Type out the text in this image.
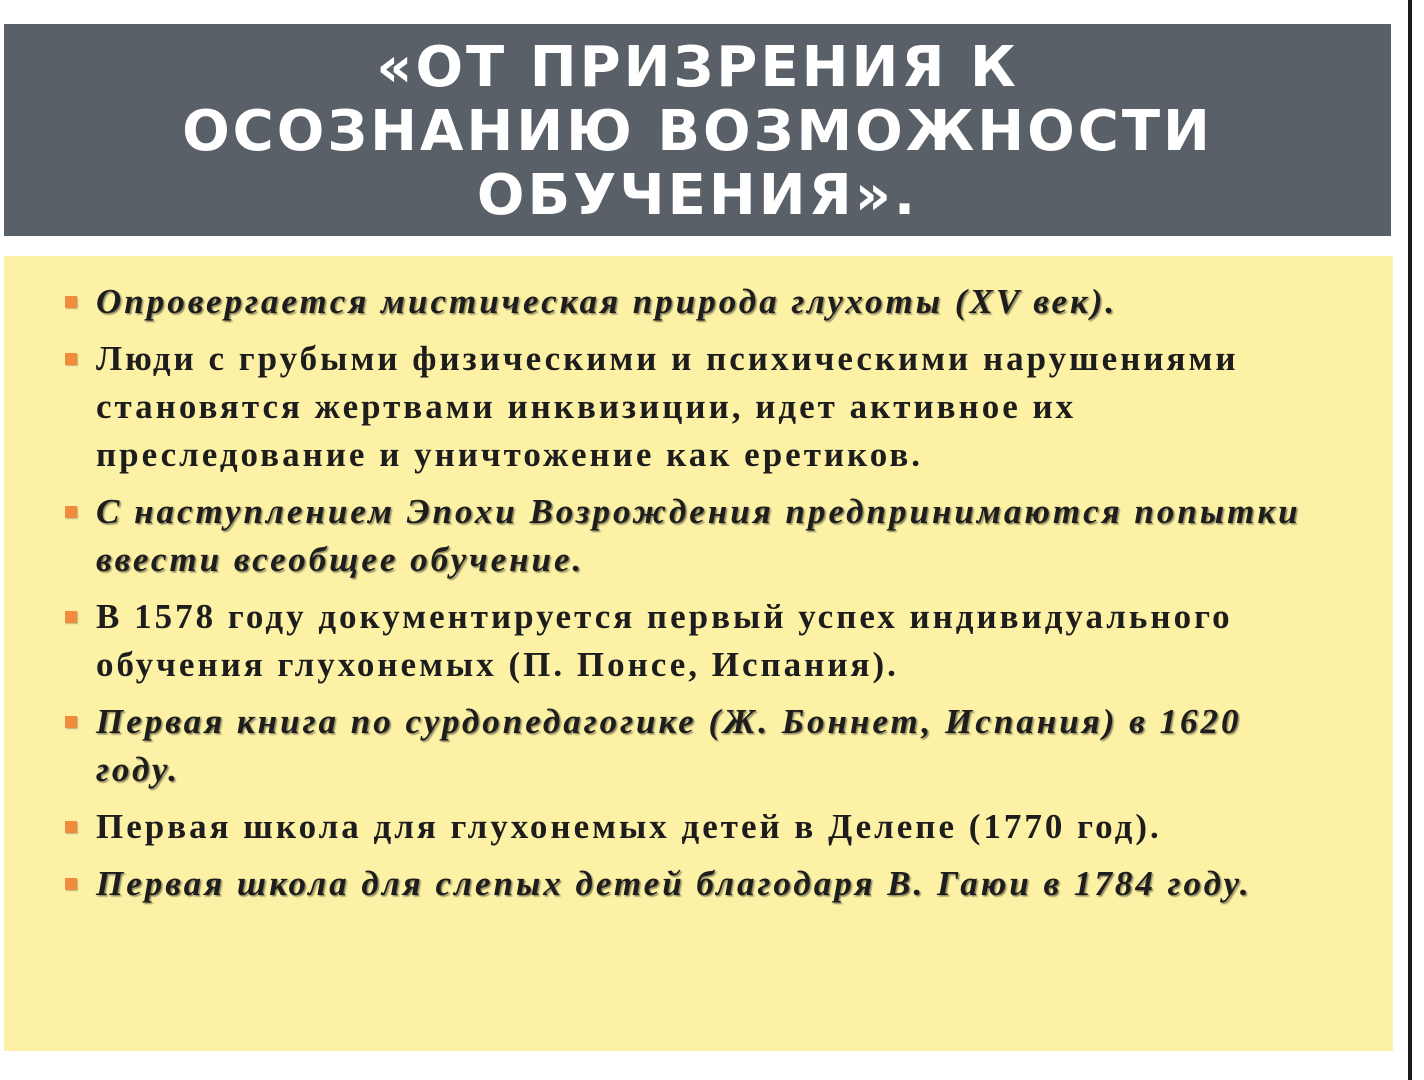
«ОТ ПРИЗРЕНИЯ К ОСОЗНАНИЮ ВОЗМОЖНОСТИ ОБУЧЕНИЯ».
Опровергается мистическая природа глухоты (XV век).
Люди с грубыми физическими и психическими нарушениями становятся жертвами инквизиции, идет активное их преследование и уничтожение как еретиков.
С наступлением Эпохи Возрождения предпринимаются попытки ввести всеобщее обучение.
В 1578 году документируется первый успех индивидуального обучения глухонемых (П. Понсе, Испания).
Первая книга по сурдопедагогике (Ж. Боннет, Испания) в 1620 году.
Первая школа для глухонемых детей в Делепе (1770 год).
Первая школа для слепых детей благодаря В. Гаюи в 1784 году.
